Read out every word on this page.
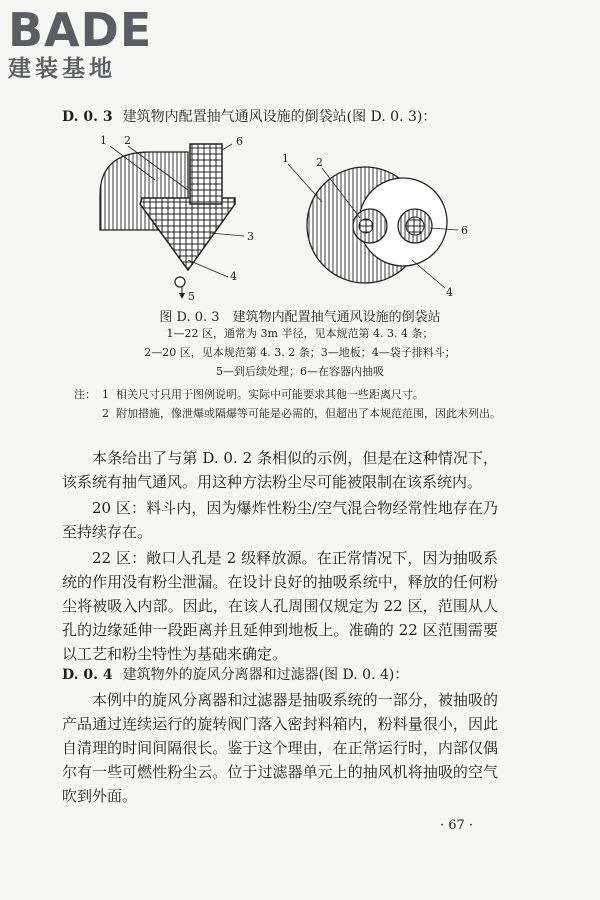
BADE
建装基地
D. 0. 3 建筑物内配置抽气通风设施的倒袋站(图 D. 0. 3)：
1 2	6
3
4
5
1 2
6
4
图 D. 0. 3　建筑物内配置抽气通风设施的倒袋站
1—22 区，通常为 3m 半径，见本规范第 4. 3. 4 条；
2—20 区，见本规范第 4. 3. 2 条；3—地板；4—袋子排料斗；
5—到后续处理；6—在容器内抽吸
注： 1 相关尺寸只用于图例说明。实际中可能要求其他一些距离尺寸。
2 附加措施，像泄爆或隔爆等可能是必需的，但超出了本规范范围，因此未列出。
本条给出了与第 D. 0. 2 条相似的示例，但是在这种情况下，该系统有抽气通风。用这种方法粉尘尽可能被限制在该系统内。
20 区：料斗内，因为爆炸性粉尘/空气混合物经常性地存在乃至持续存在。
22 区：敞口人孔是 2 级释放源。在正常情况下，因为抽吸系统的作用没有粉尘泄漏。在设计良好的抽吸系统中，释放的任何粉尘将被吸入内部。因此，在该人孔周围仅规定为 22 区，范围从人孔的边缘延伸一段距离并且延伸到地板上。准确的 22 区范围需要以工艺和粉尘特性为基础来确定。
D. 0. 4 建筑物外的旋风分离器和过滤器(图 D. 0. 4)：
本例中的旋风分离器和过滤器是抽吸系统的一部分，被抽吸的产品通过连续运行的旋转阀门落入密封料箱内，粉料量很小，因此自清理的时间间隔很长。鉴于这个理由，在正常运行时，内部仅偶尔有一些可燃性粉尘云。位于过滤器单元上的抽风机将抽吸的空气吹到外面。
· 67 ·
